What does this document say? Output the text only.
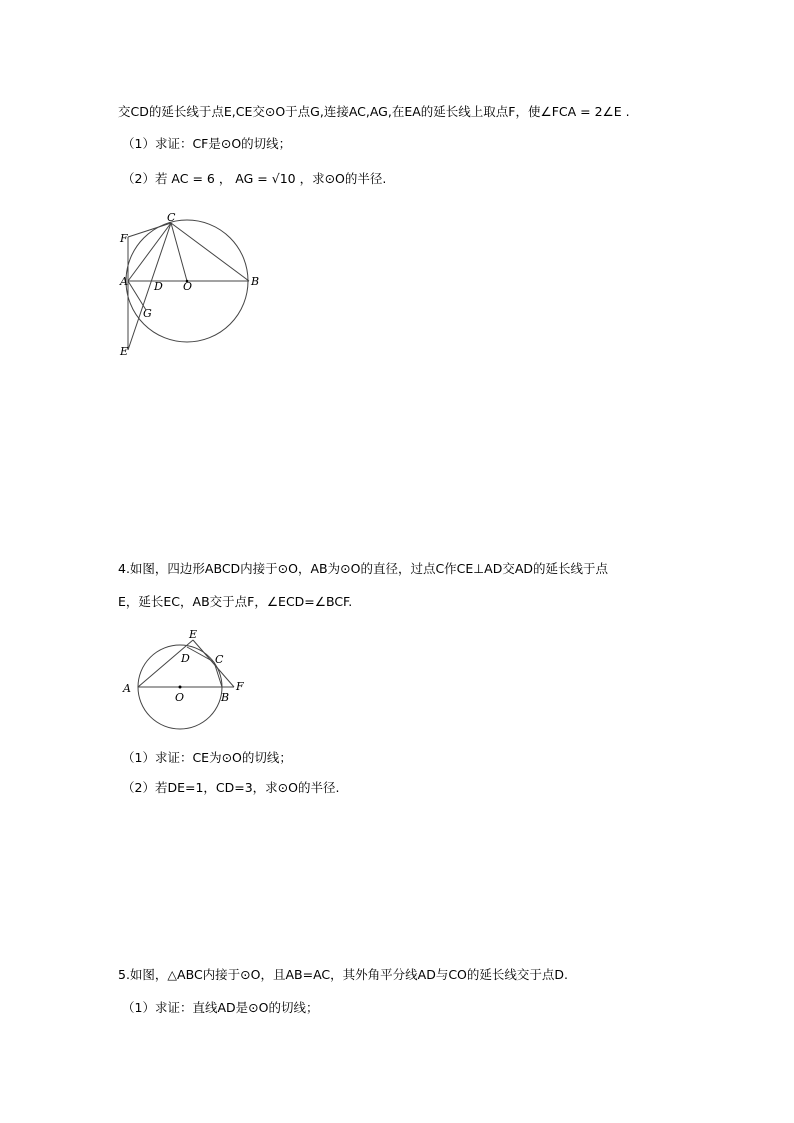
交CD的延长线于点E,CE交⊙O于点G,连接AC,AG,在EA的延长线上取点F，使∠FCA = 2∠E .
（1）求证：CF是⊙O的切线；
（2）若 AC = 6 ， AG = √10 ，求⊙O的半径.
C
F
A D O	B
G
E
4.如图，四边形ABCD内接于⊙O，AB为⊙O的直径，过点C作CE⊥AD交AD的延长线于点
E，延长EC，AB交于点F，∠ECD=∠BCF.
E
D C
A
O	B
F
（1）求证：CE为⊙O的切线；
（2）若DE=1，CD=3，求⊙O的半径.
5.如图，△ABC内接于⊙O，且AB=AC，其外角平分线AD与CO的延长线交于点D.
（1）求证：直线AD是⊙O的切线；
